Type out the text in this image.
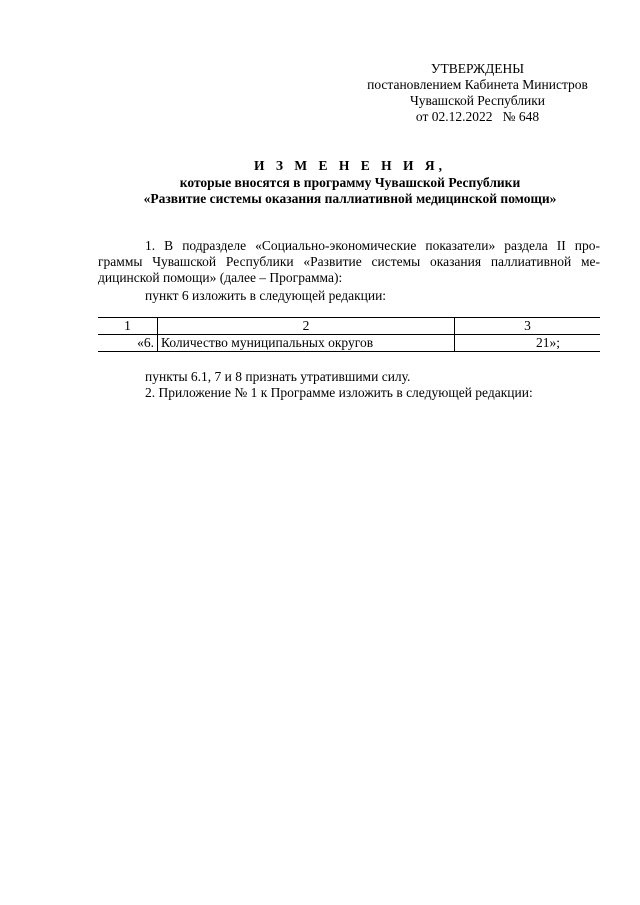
УТВЕРЖДЕНЫ
постановлением Кабинета Министров
Чувашской Республики
от 02.12.2022   № 648
И З М Е Н Е Н И Я,
которые вносятся в программу Чувашской Республики
«Развитие системы оказания паллиативной медицинской помощи»
1. В подразделе «Социально-экономические показатели» раздела II про-
граммы Чувашской Республики «Развитие системы оказания паллиативной ме-
дицинской помощи» (далее – Программа):
пункт 6 изложить в следующей редакции:
1	2	3
«6.	Количество муниципальных округов	21»;
пункты 6.1, 7 и 8 признать утратившими силу.
2. Приложение № 1 к Программе изложить в следующей редакции:
